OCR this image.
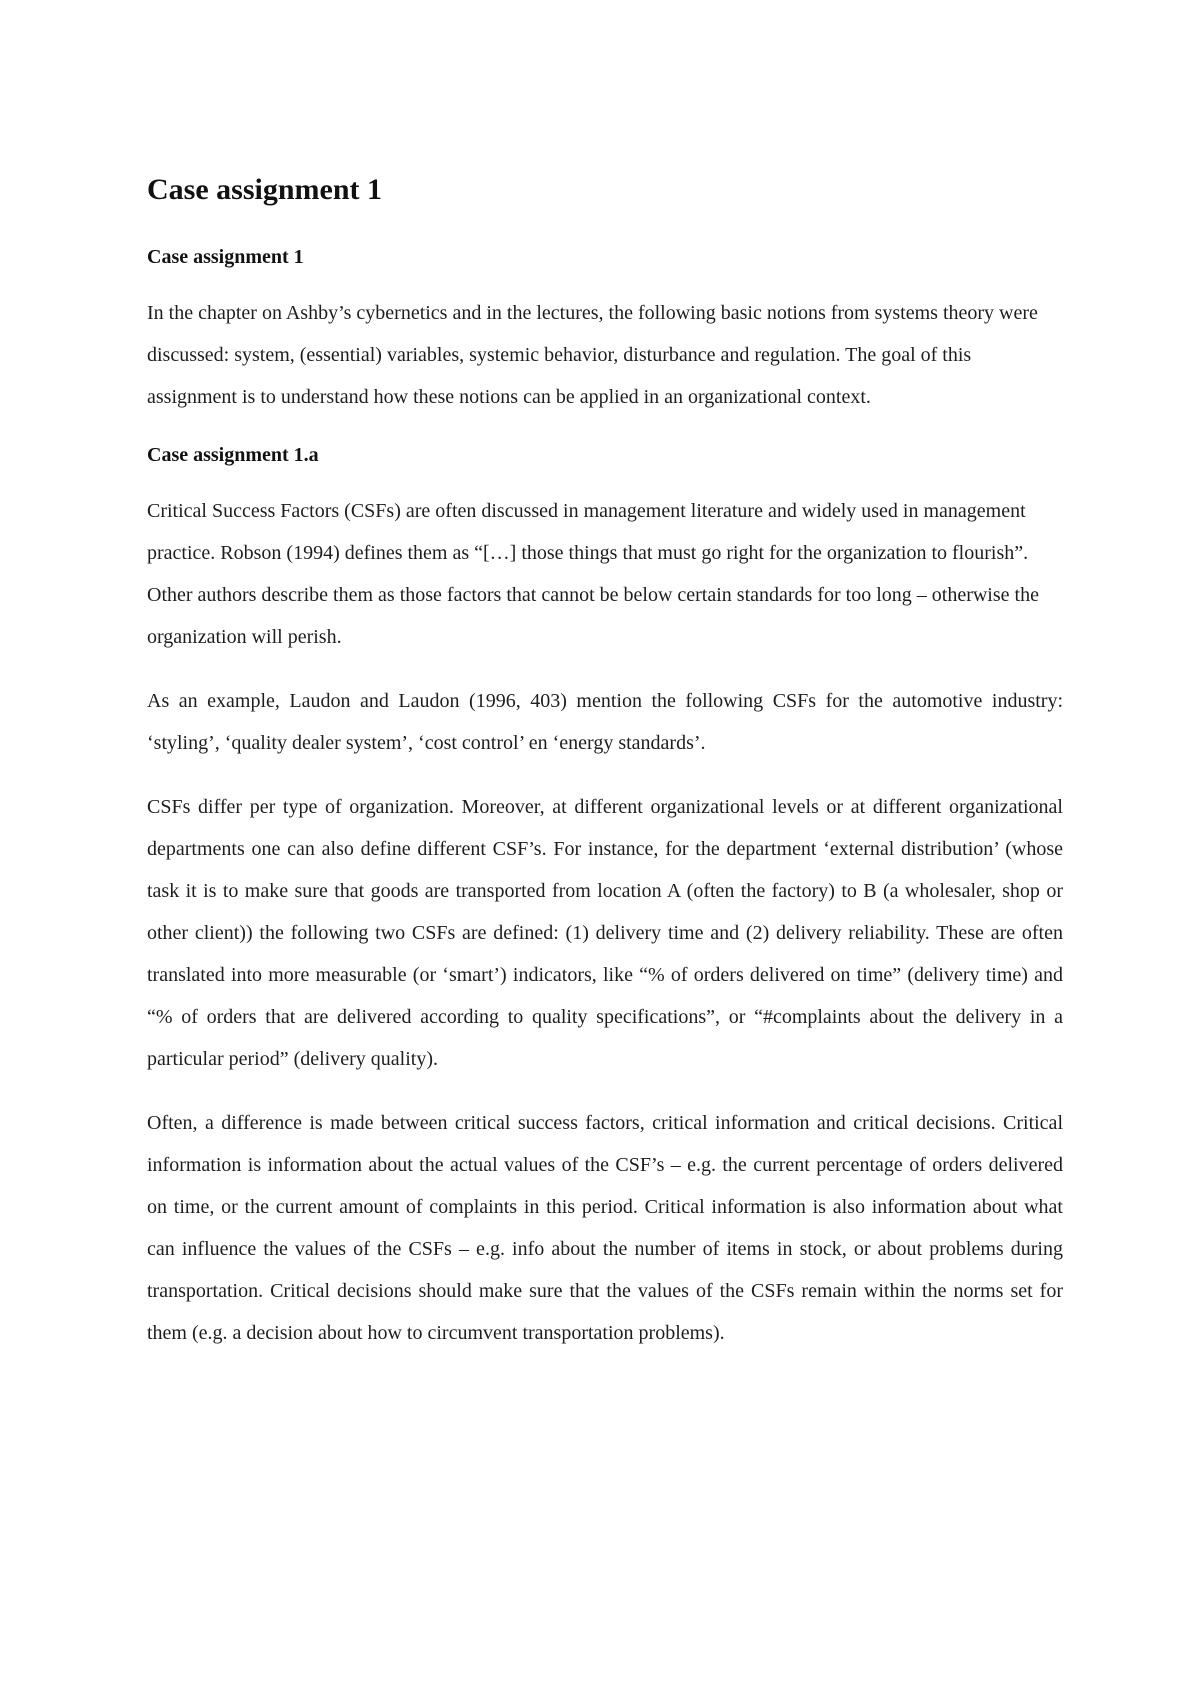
Case assignment 1
Case assignment 1

In the chapter on Ashby’s cybernetics and in the lectures, the following basic notions from systems theory were discussed: system, (essential) variables, systemic behavior, disturbance and regulation. The goal of this assignment is to understand how these notions can be applied in an organizational context.

Case assignment 1.a

Critical Success Factors (CSFs) are often discussed in management literature and widely used in management practice. Robson (1994) defines them as “[…] those things that must go right for the organization to flourish”. Other authors describe them as those factors that cannot be below certain standards for too long – otherwise the organization will perish.

As an example, Laudon and Laudon (1996, 403) mention the following CSFs for the automotive industry: ‘styling’, ‘quality dealer system’, ‘cost control’ en ‘energy standards’.

CSFs differ per type of organization. Moreover, at different organizational levels or at different organizational departments one can also define different CSF’s. For instance, for the department ‘external distribution’ (whose task it is to make sure that goods are transported from location A (often the factory) to B (a wholesaler, shop or other client)) the following two CSFs are defined: (1) delivery time and (2) delivery reliability. These are often translated into more measurable (or ‘smart’) indicators, like “% of orders delivered on time” (delivery time) and “% of orders that are delivered according to quality specifications”, or “#complaints about the delivery in a particular period” (delivery quality).

Often, a difference is made between critical success factors, critical information and critical decisions. Critical information is information about the actual values of the CSF’s – e.g. the current percentage of orders delivered on time, or the current amount of complaints in this period. Critical information is also information about what can influence the values of the CSFs – e.g. info about the number of items in stock, or about problems during transportation. Critical decisions should make sure that the values of the CSFs remain within the norms set for them (e.g. a decision about how to circumvent transportation problems).
